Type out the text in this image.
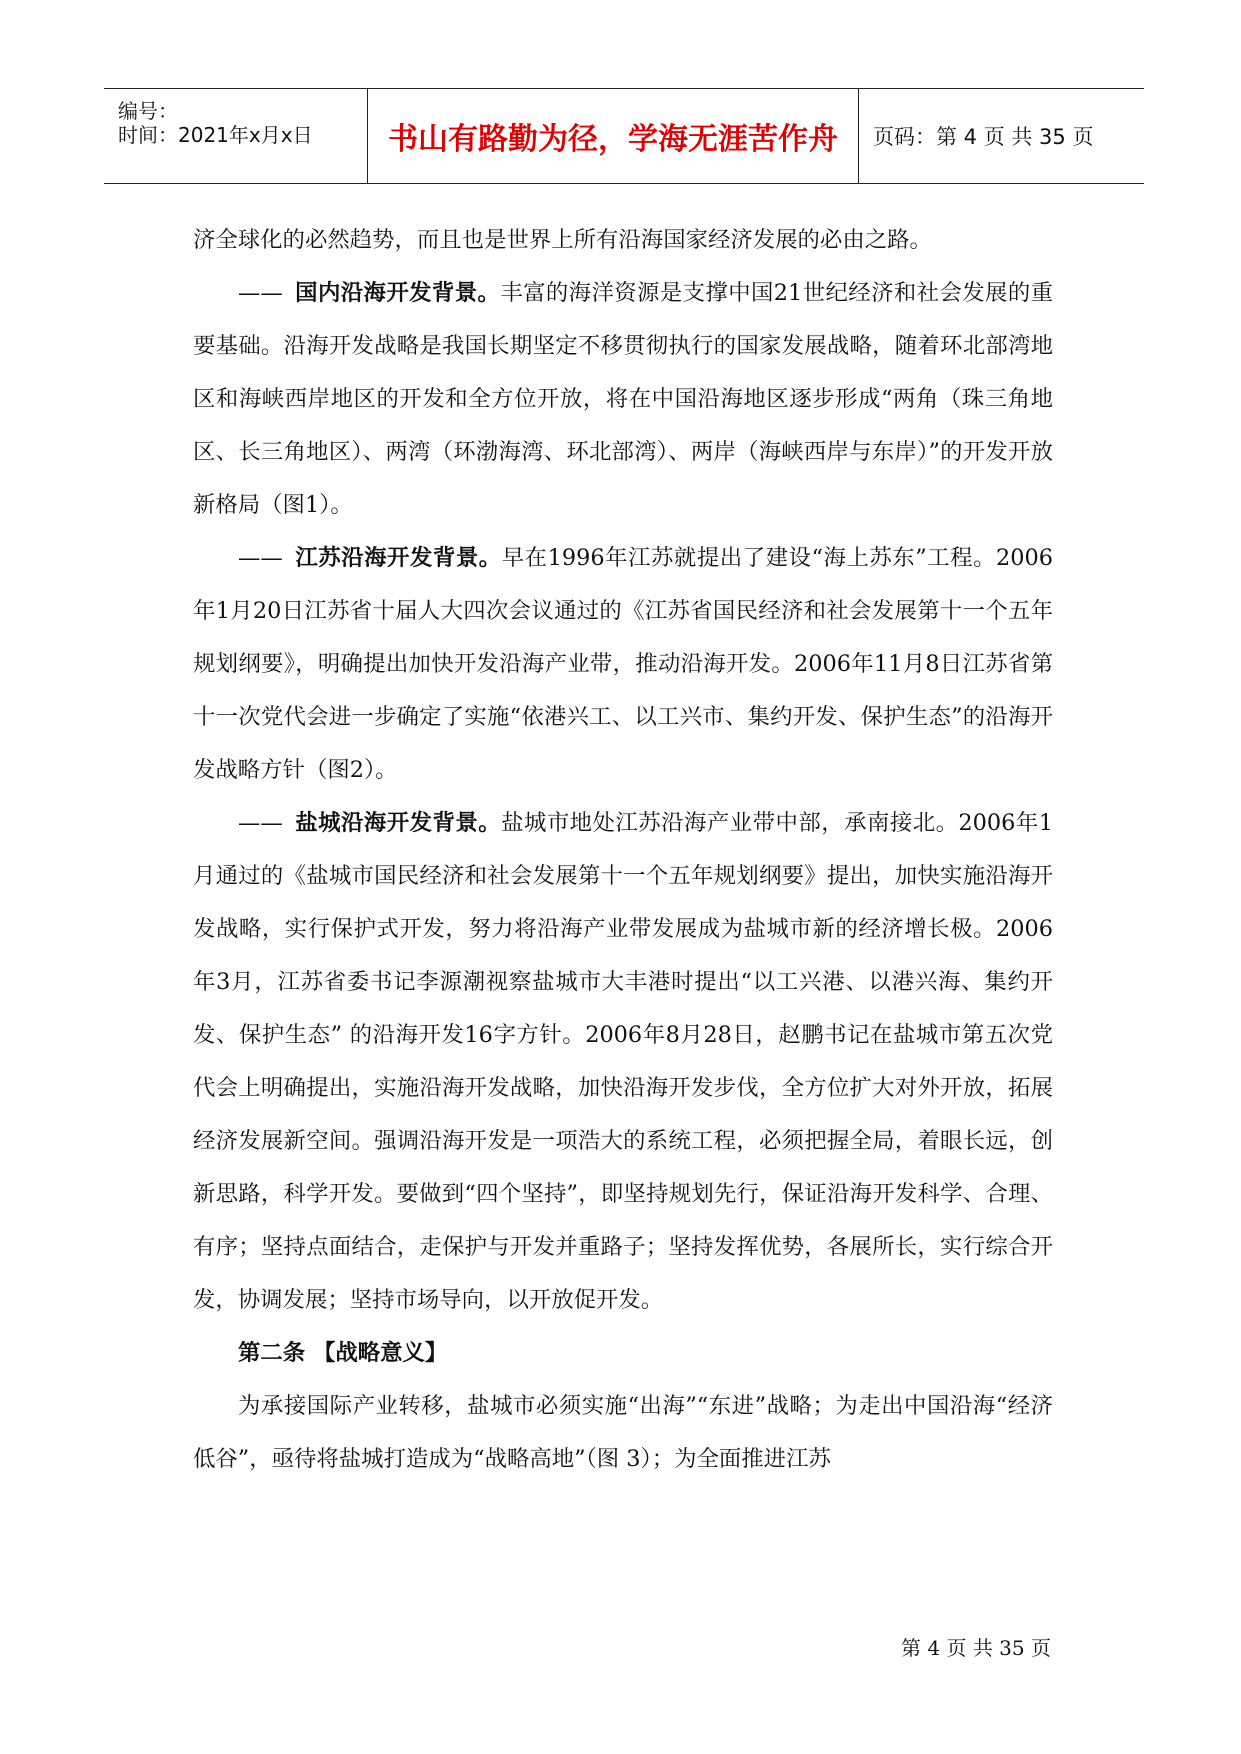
编号：
时间：2021年x月x日	书山有路勤为径，学海无涯苦作舟	页码：第 4 页 共 35 页

济全球化的必然趋势，而且也是世界上所有沿海国家经济发展的必由之路。

—— 国内沿海开发背景。丰富的海洋资源是支撑中国21世纪经济和社会发展的重要基础。沿海开发战略是我国长期坚定不移贯彻执行的国家发展战略，随着环北部湾地区和海峡西岸地区的开发和全方位开放，将在中国沿海地区逐步形成“两角（珠三角地区、长三角地区）、两湾（环渤海湾、环北部湾）、两岸（海峡西岸与东岸）”的开发开放新格局（图1）。

—— 江苏沿海开发背景。早在1996年江苏就提出了建设“海上苏东”工程。2006年1月20日江苏省十届人大四次会议通过的《江苏省国民经济和社会发展第十一个五年规划纲要》，明确提出加快开发沿海产业带，推动沿海开发。2006年11月8日江苏省第十一次党代会进一步确定了实施“依港兴工、以工兴市、集约开发、保护生态”的沿海开发战略方针（图2）。

—— 盐城沿海开发背景。盐城市地处江苏沿海产业带中部，承南接北。2006年1月通过的《盐城市国民经济和社会发展第十一个五年规划纲要》提出，加快实施沿海开发战略，实行保护式开发，努力将沿海产业带发展成为盐城市新的经济增长极。2006年3月，江苏省委书记李源潮视察盐城市大丰港时提出“以工兴港、以港兴海、集约开发、保护生态” 的沿海开发16字方针。2006年8月28日，赵鹏书记在盐城市第五次党代会上明确提出，实施沿海开发战略，加快沿海开发步伐，全方位扩大对外开放，拓展经济发展新空间。强调沿海开发是一项浩大的系统工程，必须把握全局，着眼长远，创新思路，科学开发。要做到“四个坚持”，即坚持规划先行，保证沿海开发科学、合理、有序；坚持点面结合，走保护与开发并重路子；坚持发挥优势，各展所长，实行综合开发，协调发展；坚持市场导向，以开放促开发。

第二条 【战略意义】

为承接国际产业转移，盐城市必须实施“出海”“东进”战略；为走出中国沿海“经济低谷”，亟待将盐城打造成为“战略高地”（图 3）；为全面推进江苏

第 4 页 共 35 页
